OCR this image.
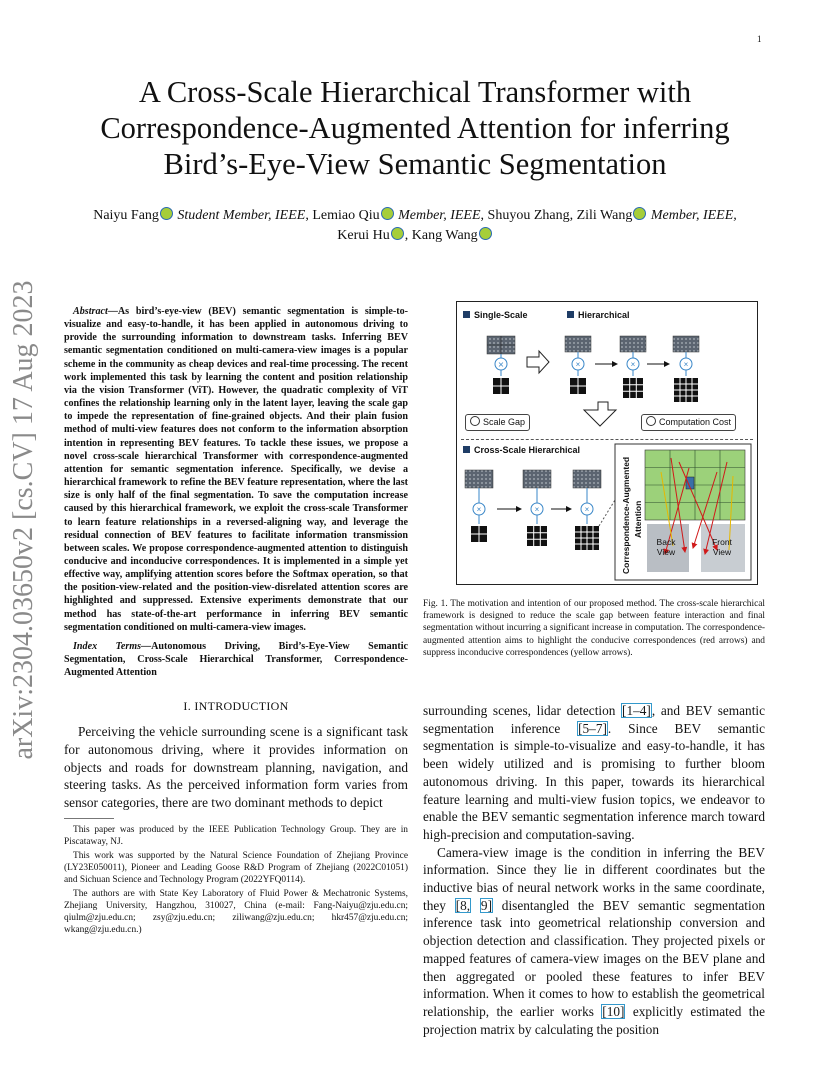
1
arXiv:2304.03650v2 [cs.CV] 17 Aug 2023
A Cross-Scale Hierarchical Transformer with
Correspondence-Augmented Attention for inferring
Bird’s-Eye-View Semantic Segmentation
Naiyu Fang Student Member, IEEE, Lemiao Qiu Member, IEEE, Shuyou Zhang, Zili Wang Member, IEEE,
Kerui Hu , Kang Wang
Abstract—As bird’s-eye-view (BEV) semantic segmentation is simple-to-visualize and easy-to-handle, it has been applied in autonomous driving to provide the surrounding information to downstream tasks. Inferring BEV semantic segmentation conditioned on multi-camera-view images is a popular scheme in the community as cheap devices and real-time processing. The recent work implemented this task by learning the content and position relationship via the vision Transformer (ViT). However, the quadratic complexity of ViT confines the relationship learning only in the latent layer, leaving the scale gap to impede the representation of fine-grained objects. And their plain fusion method of multi-view features does not conform to the information absorption intention in representing BEV features. To tackle these issues, we propose a novel cross-scale hierarchical Transformer with correspondence-augmented attention for semantic segmentation inference. Specifically, we devise a hierarchical framework to refine the BEV feature representation, where the last size is only half of the final segmentation. To save the computation increase caused by this hierarchical framework, we exploit the cross-scale Transformer to learn feature relationships in a reversed-aligning way, and leverage the residual connection of BEV features to facilitate information transmission between scales. We propose correspondence-augmented attention to distinguish conducive and inconducive correspondences. It is implemented in a simple yet effective way, amplifying attention scores before the Softmax operation, so that the position-view-related and the position-view-disrelated attention scores are highlighted and suppressed. Extensive experiments demonstrate that our method has state-of-the-art performance in inferring BEV semantic segmentation conditioned on multi-camera-view images.
Index Terms—Autonomous Driving, Bird’s-Eye-View Semantic Segmentation, Cross-Scale Hierarchical Transformer, Correspondence-Augmented Attention
I. INTRODUCTION

Perceiving the vehicle surrounding scene is a significant task for autonomous driving, where it provides information on objects and roads for downstream planning, navigation, and steering tasks. As the perceived information form varies from sensor categories, there are two dominant methods to depict

This paper was produced by the IEEE Publication Technology Group. They are in Piscataway, NJ.

This work was supported by the Natural Science Foundation of Zhejiang Province (LY23E050011), Pioneer and Leading Goose R&D Program of Zhejiang (2022C01051) and Sichuan Science and Technology Program (2022YFQ0114).

The authors are with State Key Laboratory of Fluid Power & Mechatronic Systems, Zhejiang University, Hangzhou, 310027, China (e-mail: Fang-Naiyu@zju.edu.cn; qiulm@zju.edu.cn; zsy@zju.edu.cn; ziliwang@zju.edu.cn; hkr457@zju.edu.cn; wkang@zju.edu.cn.)

×	×	×	×
×	×	×
Single-Scale	Hierarchical
Scale Gap	Computation Cost
Cross-Scale Hierarchical
Correspondence-Augmented Attention
Back View
Front View
Fig. 1. The motivation and intention of our proposed method. The cross-scale hierarchical framework is designed to reduce the scale gap between feature interaction and final segmentation without incurring a significant increase in computation. The correspondence-augmented attention aims to highlight the conducive correspondences (red arrows) and suppress inconducive correspondences (yellow arrows).

surrounding scenes, lidar detection [1–4], and BEV semantic segmentation inference [5–7]. Since BEV semantic segmentation is simple-to-visualize and easy-to-handle, it has been widely utilized and is promising to further bloom autonomous driving. In this paper, towards its hierarchical feature learning and multi-view fusion topics, we endeavor to enable the BEV semantic segmentation inference march toward high-precision and computation-saving.

Camera-view image is the condition in inferring the BEV information. Since they lie in different coordinates but the inductive bias of neural network works in the same coordinate, they [8, 9] disentangled the BEV semantic segmentation inference task into geometrical relationship conversion and objection detection and classification. They projected pixels or mapped features of camera-view images on the BEV plane and then aggregated or pooled these features to infer BEV information. When it comes to how to establish the geometrical relationship, the earlier works [10] explicitly estimated the projection matrix by calculating the position
